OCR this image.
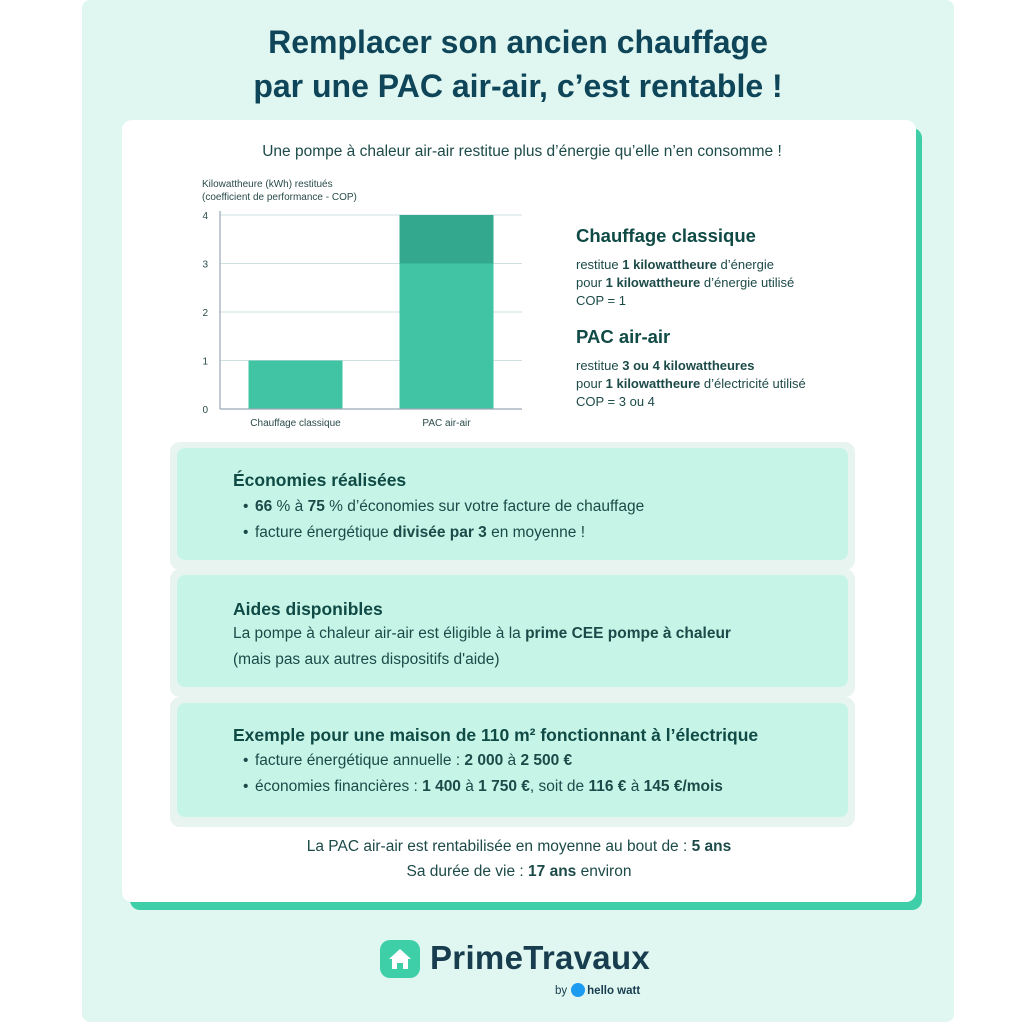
Remplacer son ancien chauffage
par une PAC air-air, c’est rentable !
Une pompe à chaleur air-air restitue plus d’énergie qu’elle n’en consomme !
Kilowattheure (kWh) restitués
(coefficient de performance - COP)
0
1
2
3
4
Chauffage classique	PAC air-air
Chauffage classique

restitue 1 kilowattheure d’énergie

pour 1 kilowattheure d’énergie utilisé

COP = 1

PAC air-air

restitue 3 ou 4 kilowattheures

pour 1 kilowattheure d’électricité utilisé

COP = 3 ou 4

Économies réalisées
• 66 % à 75 % d’économies sur votre facture de chauffage
• facture énergétique divisée par 3 en moyenne !
Aides disponibles

La pompe à chaleur air-air est éligible à la prime CEE pompe à chaleur

(mais pas aux autres dispositifs d'aide)

Exemple pour une maison de 110 m² fonctionnant à l’électrique
• facture énergétique annuelle : 2 000 à 2 500 €
• économies financières : 1 400 à 1 750 €, soit de 116 € à 145 €/mois
La PAC air-air est rentabilisée en moyenne au bout de : 5 ans
Sa durée de vie : 17 ans environ
PrimeTravaux
by hello watt
